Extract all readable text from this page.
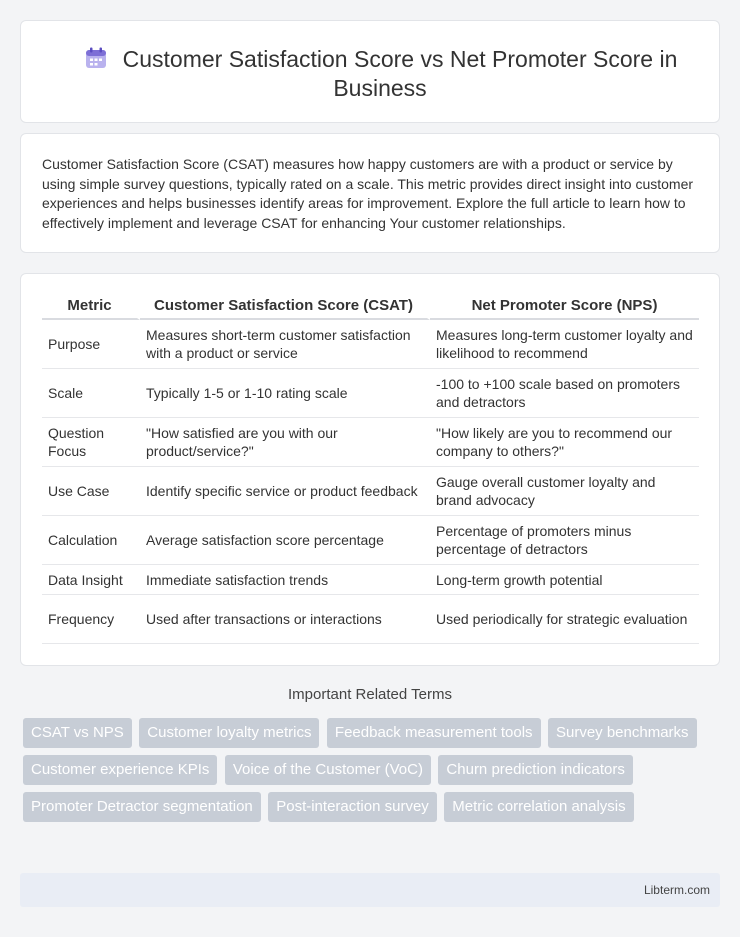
Customer Satisfaction Score vs Net Promoter Score in Business

Customer Satisfaction Score (CSAT) measures how happy customers are with a product or service by using simple survey questions, typically rated on a scale. This metric provides direct insight into customer experiences and helps businesses identify areas for improvement. Explore the full article to learn how to effectively implement and leverage CSAT for enhancing Your customer relationships.

Metric	Customer Satisfaction Score (CSAT)	Net Promoter Score (NPS)
Purpose	Measures short-term customer satisfaction with a product or service	Measures long-term customer loyalty and likelihood to recommend
Scale	Typically 1-5 or 1-10 rating scale	-100 to +100 scale based on promoters and detractors
Question Focus	"How satisfied are you with our product/service?"	"How likely are you to recommend our company to others?"
Use Case	Identify specific service or product feedback	Gauge overall customer loyalty and brand advocacy
Calculation	Average satisfaction score percentage	Percentage of promoters minus percentage of detractors
Data Insight	Immediate satisfaction trends	Long-term growth potential
Frequency	Used after transactions or interactions	Used periodically for strategic evaluation
Important Related Terms
CSAT vs NPS Customer loyalty metrics Feedback measurement tools Survey benchmarks Customer experience KPIs Voice of the Customer (VoC) Churn prediction indicators Promoter Detractor segmentation Post-interaction survey Metric correlation analysis
Libterm.com
